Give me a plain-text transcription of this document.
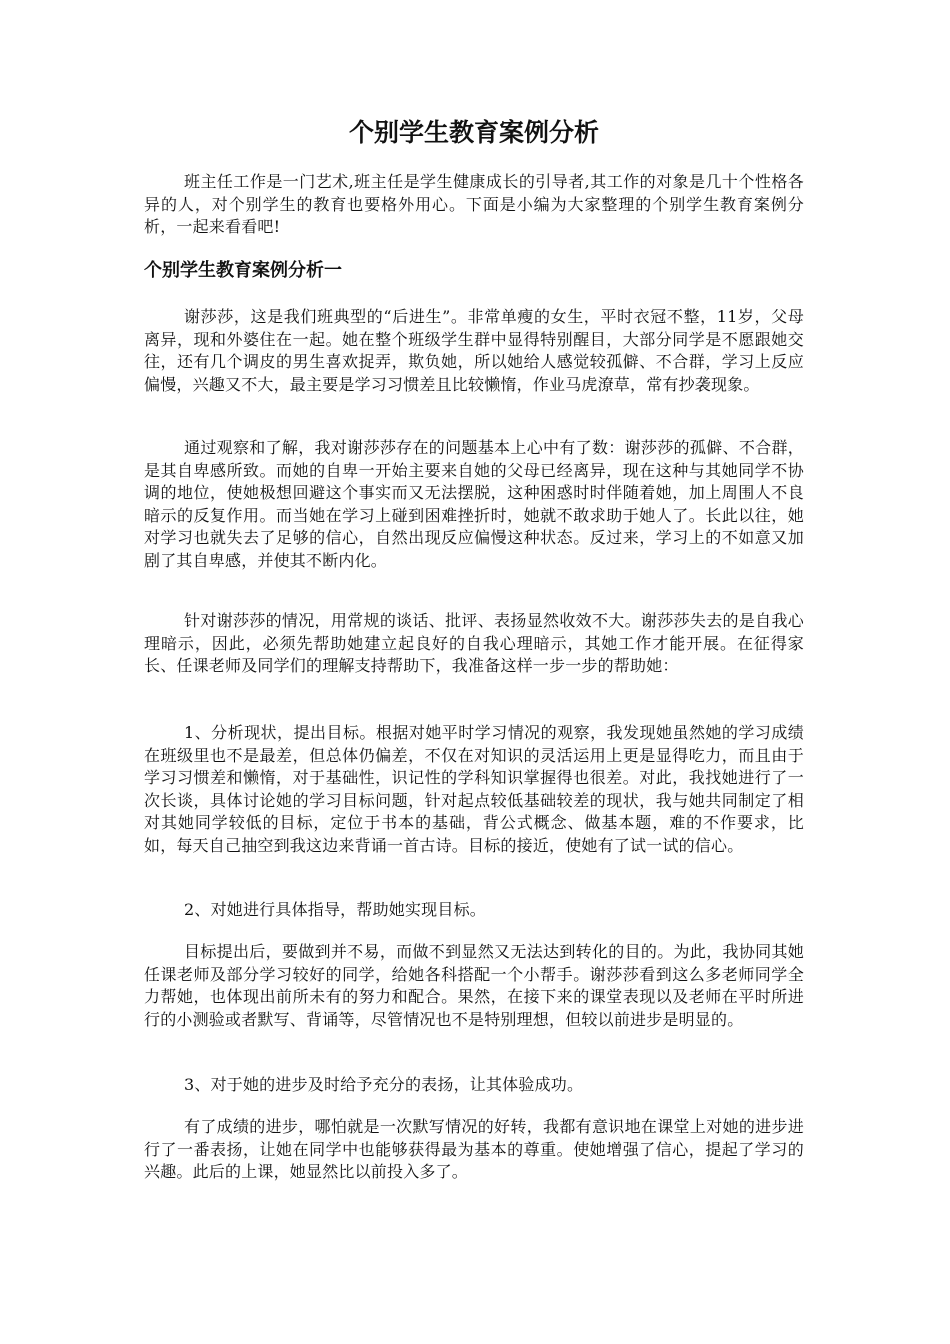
个别学生教育案例分析

班主任工作是一门艺术,班主任是学生健康成长的引导者,其工作的对象是几十个性格各异的人，对个别学生的教育也要格外用心。下面是小编为大家整理的个别学生教育案例分析，一起来看看吧!

个别学生教育案例分析一

谢莎莎，这是我们班典型的“后进生”。非常单瘦的女生，平时衣冠不整，11岁，父母离异，现和外婆住在一起。她在整个班级学生群中显得特别醒目，大部分同学是不愿跟她交往，还有几个调皮的男生喜欢捉弄，欺负她，所以她给人感觉较孤僻、不合群，学习上反应偏慢，兴趣又不大，最主要是学习习惯差且比较懒惰，作业马虎潦草，常有抄袭现象。

通过观察和了解，我对谢莎莎存在的问题基本上心中有了数：谢莎莎的孤僻、不合群，是其自卑感所致。而她的自卑一开始主要来自她的父母已经离异，现在这种与其她同学不协调的地位，使她极想回避这个事实而又无法摆脱，这种困惑时时伴随着她，加上周围人不良暗示的反复作用。而当她在学习上碰到困难挫折时，她就不敢求助于她人了。长此以往，她对学习也就失去了足够的信心，自然出现反应偏慢这种状态。反过来，学习上的不如意又加剧了其自卑感，并使其不断内化。

针对谢莎莎的情况，用常规的谈话、批评、表扬显然收效不大。谢莎莎失去的是自我心理暗示，因此，必须先帮助她建立起良好的自我心理暗示，其她工作才能开展。在征得家长、任课老师及同学们的理解支持帮助下，我准备这样一步一步的帮助她：

1、分析现状，提出目标。根据对她平时学习情况的观察，我发现她虽然她的学习成绩在班级里也不是最差，但总体仍偏差，不仅在对知识的灵活运用上更是显得吃力，而且由于学习习惯差和懒惰，对于基础性，识记性的学科知识掌握得也很差。对此，我找她进行了一次长谈，具体讨论她的学习目标问题，针对起点较低基础较差的现状，我与她共同制定了相对其她同学较低的目标，定位于书本的基础，背公式概念、做基本题，难的不作要求，比如，每天自己抽空到我这边来背诵一首古诗。目标的接近，使她有了试一试的信心。

2、对她进行具体指导，帮助她实现目标。

目标提出后，要做到并不易，而做不到显然又无法达到转化的目的。为此，我协同其她任课老师及部分学习较好的同学，给她各科搭配一个小帮手。谢莎莎看到这么多老师同学全力帮她，也体现出前所未有的努力和配合。果然，在接下来的课堂表现以及老师在平时所进行的小测验或者默写、背诵等，尽管情况也不是特别理想，但较以前进步是明显的。

3、对于她的进步及时给予充分的表扬，让其体验成功。

有了成绩的进步，哪怕就是一次默写情况的好转，我都有意识地在课堂上对她的进步进行了一番表扬，让她在同学中也能够获得最为基本的尊重。使她增强了信心，提起了学习的兴趣。此后的上课，她显然比以前投入多了。
